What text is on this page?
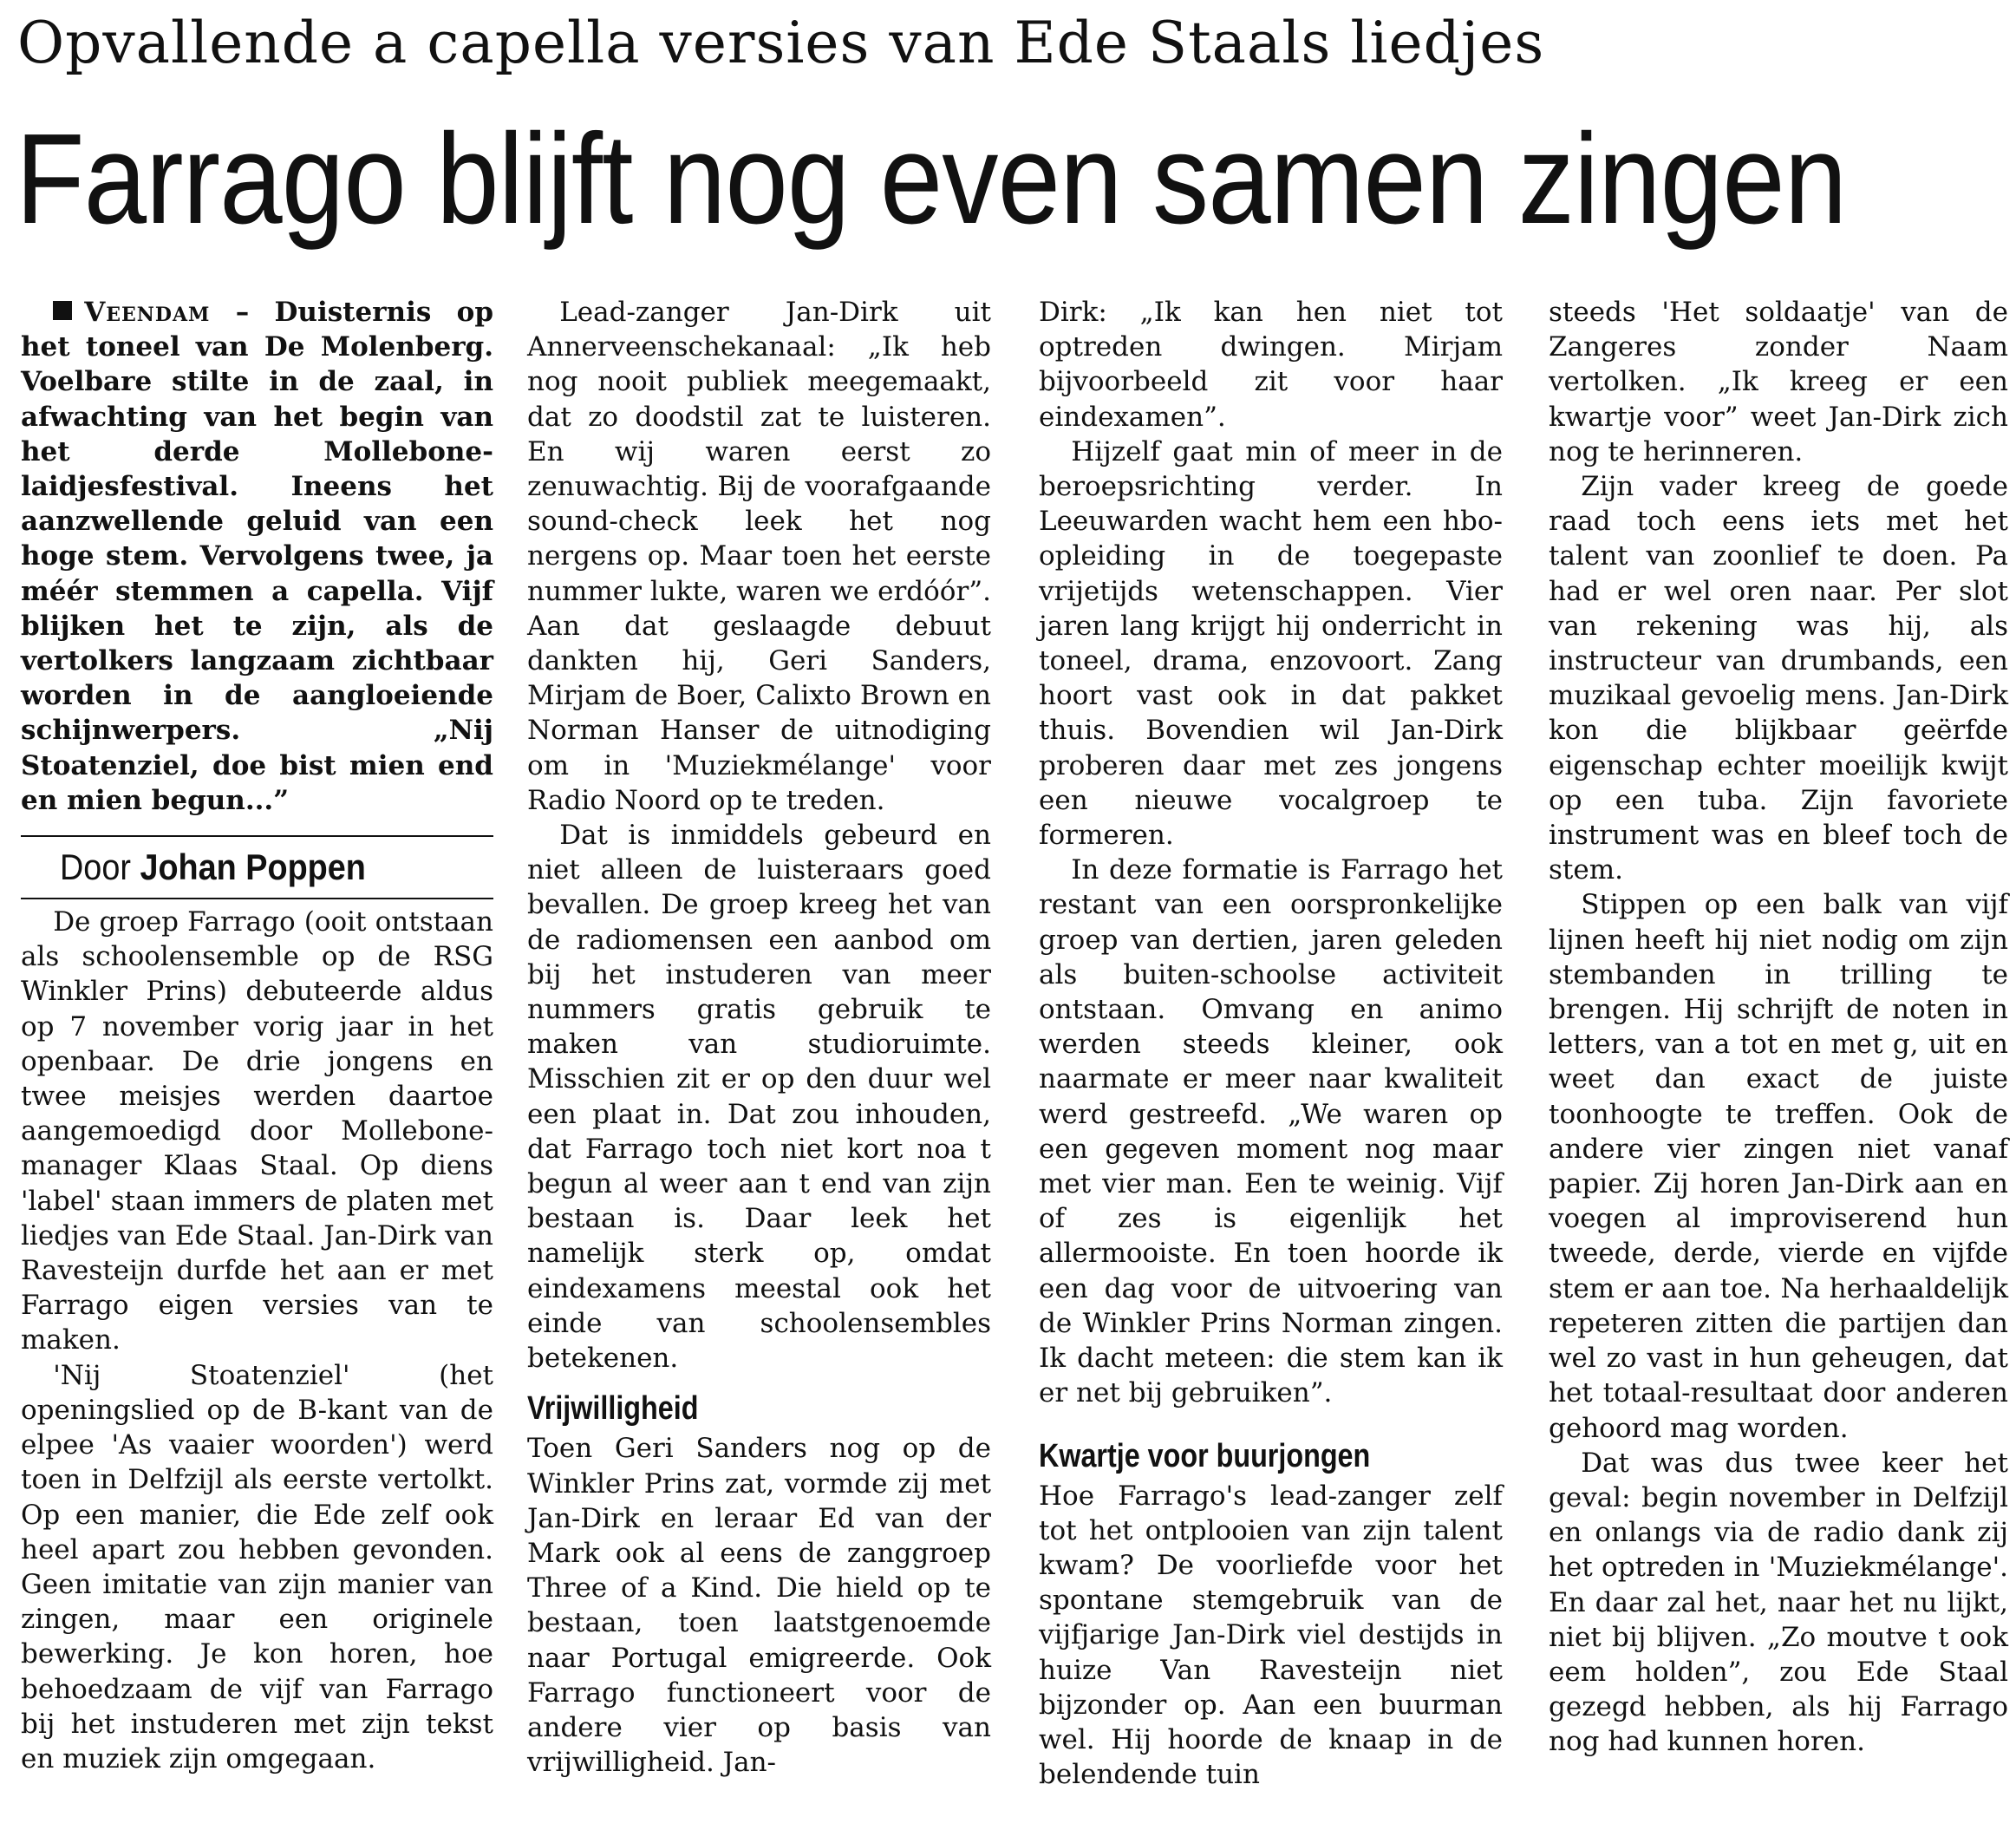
Opvallende a capella versies van Ede Staals liedjes
Farrago blijft nog even samen zingen

Veendam – Duisternis op het toneel van De Molenberg. Voelbare stilte in de zaal, in afwachting van het begin van het derde Mollebone-laidjesfestival. Ineens het aanzwellende geluid van een hoge stem. Vervolgens twee, ja méér stemmen a capella. Vijf blijken het te zijn, als de vertolkers langzaam zichtbaar worden in de aangloeiende schijnwerpers. „Nij Stoatenziel, doe bist mien end en mien begun...”

Door Johan Poppen

De groep Farrago (ooit ontstaan als schoolensemble op de RSG Winkler Prins) debuteerde aldus op 7 november vorig jaar in het openbaar. De drie jongens en twee meisjes werden daartoe aangemoedigd door Mollebone-manager Klaas Staal. Op diens 'label' staan immers de platen met liedjes van Ede Staal. Jan-Dirk van Ravesteijn durfde het aan er met Farrago eigen versies van te maken.

'Nij Stoatenziel' (het openingslied op de B-kant van de elpee 'As vaaier woorden') werd toen in Delfzijl als eerste vertolkt. Op een manier, die Ede zelf ook heel apart zou hebben gevonden. Geen imitatie van zijn manier van zingen, maar een originele bewerking. Je kon horen, hoe behoedzaam de vijf van Farrago bij het instuderen met zijn tekst en muziek zijn omgegaan.

Lead-zanger Jan-Dirk uit Annerveenschekanaal: „Ik heb nog nooit publiek meegemaakt, dat zo doodstil zat te luisteren. En wij waren eerst zo zenuwachtig. Bij de voorafgaande sound-check leek het nog nergens op. Maar toen het eerste nummer lukte, waren we erdóór”. Aan dat geslaagde debuut dankten hij, Geri Sanders, Mirjam de Boer, Calixto Brown en Norman Hanser de uitnodiging om in 'Muziekmélange' voor Radio Noord op te treden.

Dat is inmiddels gebeurd en niet alleen de luisteraars goed bevallen. De groep kreeg het van de radiomensen een aanbod om bij het instuderen van meer nummers gratis gebruik te maken van studioruimte. Misschien zit er op den duur wel een plaat in. Dat zou inhouden, dat Farrago toch niet kort noa t begun al weer aan t end van zijn bestaan is. Daar leek het namelijk sterk op, omdat eindexamens meestal ook het einde van schoolensembles betekenen.

Vrijwilligheid

Toen Geri Sanders nog op de Winkler Prins zat, vormde zij met Jan-Dirk en leraar Ed van der Mark ook al eens de zanggroep Three of a Kind. Die hield op te bestaan, toen laatstgenoemde naar Portugal emigreerde. Ook Farrago functioneert voor de andere vier op basis van vrijwilligheid. Jan-

Dirk: „Ik kan hen niet tot optreden dwingen. Mirjam bijvoorbeeld zit voor haar eindexamen”.

Hijzelf gaat min of meer in de beroepsrichting verder. In Leeuwarden wacht hem een hbo-opleiding in de toegepaste vrijetijds wetenschappen. Vier jaren lang krijgt hij onderricht in toneel, drama, enzovoort. Zang hoort vast ook in dat pakket thuis. Bovendien wil Jan-Dirk proberen daar met zes jongens een nieuwe vocalgroep te formeren.

In deze formatie is Farrago het restant van een oorspronkelijke groep van dertien, jaren geleden als buiten-schoolse activiteit ontstaan. Omvang en animo werden steeds kleiner, ook naarmate er meer naar kwaliteit werd gestreefd. „We waren op een gegeven moment nog maar met vier man. Een te weinig. Vijf of zes is eigenlijk het allermooiste. En toen hoorde ik een dag voor de uitvoering van de Winkler Prins Norman zingen. Ik dacht meteen: die stem kan ik er net bij gebruiken”.

Kwartje voor buurjongen

Hoe Farrago's lead-zanger zelf tot het ontplooien van zijn talent kwam? De voorliefde voor het spontane stemgebruik van de vijfjarige Jan-Dirk viel destijds in huize Van Ravesteijn niet bijzonder op. Aan een buurman wel. Hij hoorde de knaap in de belendende tuin

steeds 'Het soldaatje' van de Zangeres zonder Naam vertolken. „Ik kreeg er een kwartje voor” weet Jan-Dirk zich nog te herinneren.

Zijn vader kreeg de goede raad toch eens iets met het talent van zoonlief te doen. Pa had er wel oren naar. Per slot van rekening was hij, als instructeur van drumbands, een muzikaal gevoelig mens. Jan-Dirk kon die blijkbaar geërfde eigenschap echter moeilijk kwijt op een tuba. Zijn favoriete instrument was en bleef toch de stem.

Stippen op een balk van vijf lijnen heeft hij niet nodig om zijn stembanden in trilling te brengen. Hij schrijft de noten in letters, van a tot en met g, uit en weet dan exact de juiste toonhoogte te treffen. Ook de andere vier zingen niet vanaf papier. Zij horen Jan-Dirk aan en voegen al improviserend hun tweede, derde, vierde en vijfde stem er aan toe. Na herhaaldelijk repeteren zitten die partijen dan wel zo vast in hun geheugen, dat het totaal-resultaat door anderen gehoord mag worden.

Dat was dus twee keer het geval: begin november in Delfzijl en onlangs via de radio dank zij het optreden in 'Muziekmélange'. En daar zal het, naar het nu lijkt, niet bij blijven. „Zo moutve t ook eem holden”, zou Ede Staal gezegd hebben, als hij Farrago nog had kunnen horen.
